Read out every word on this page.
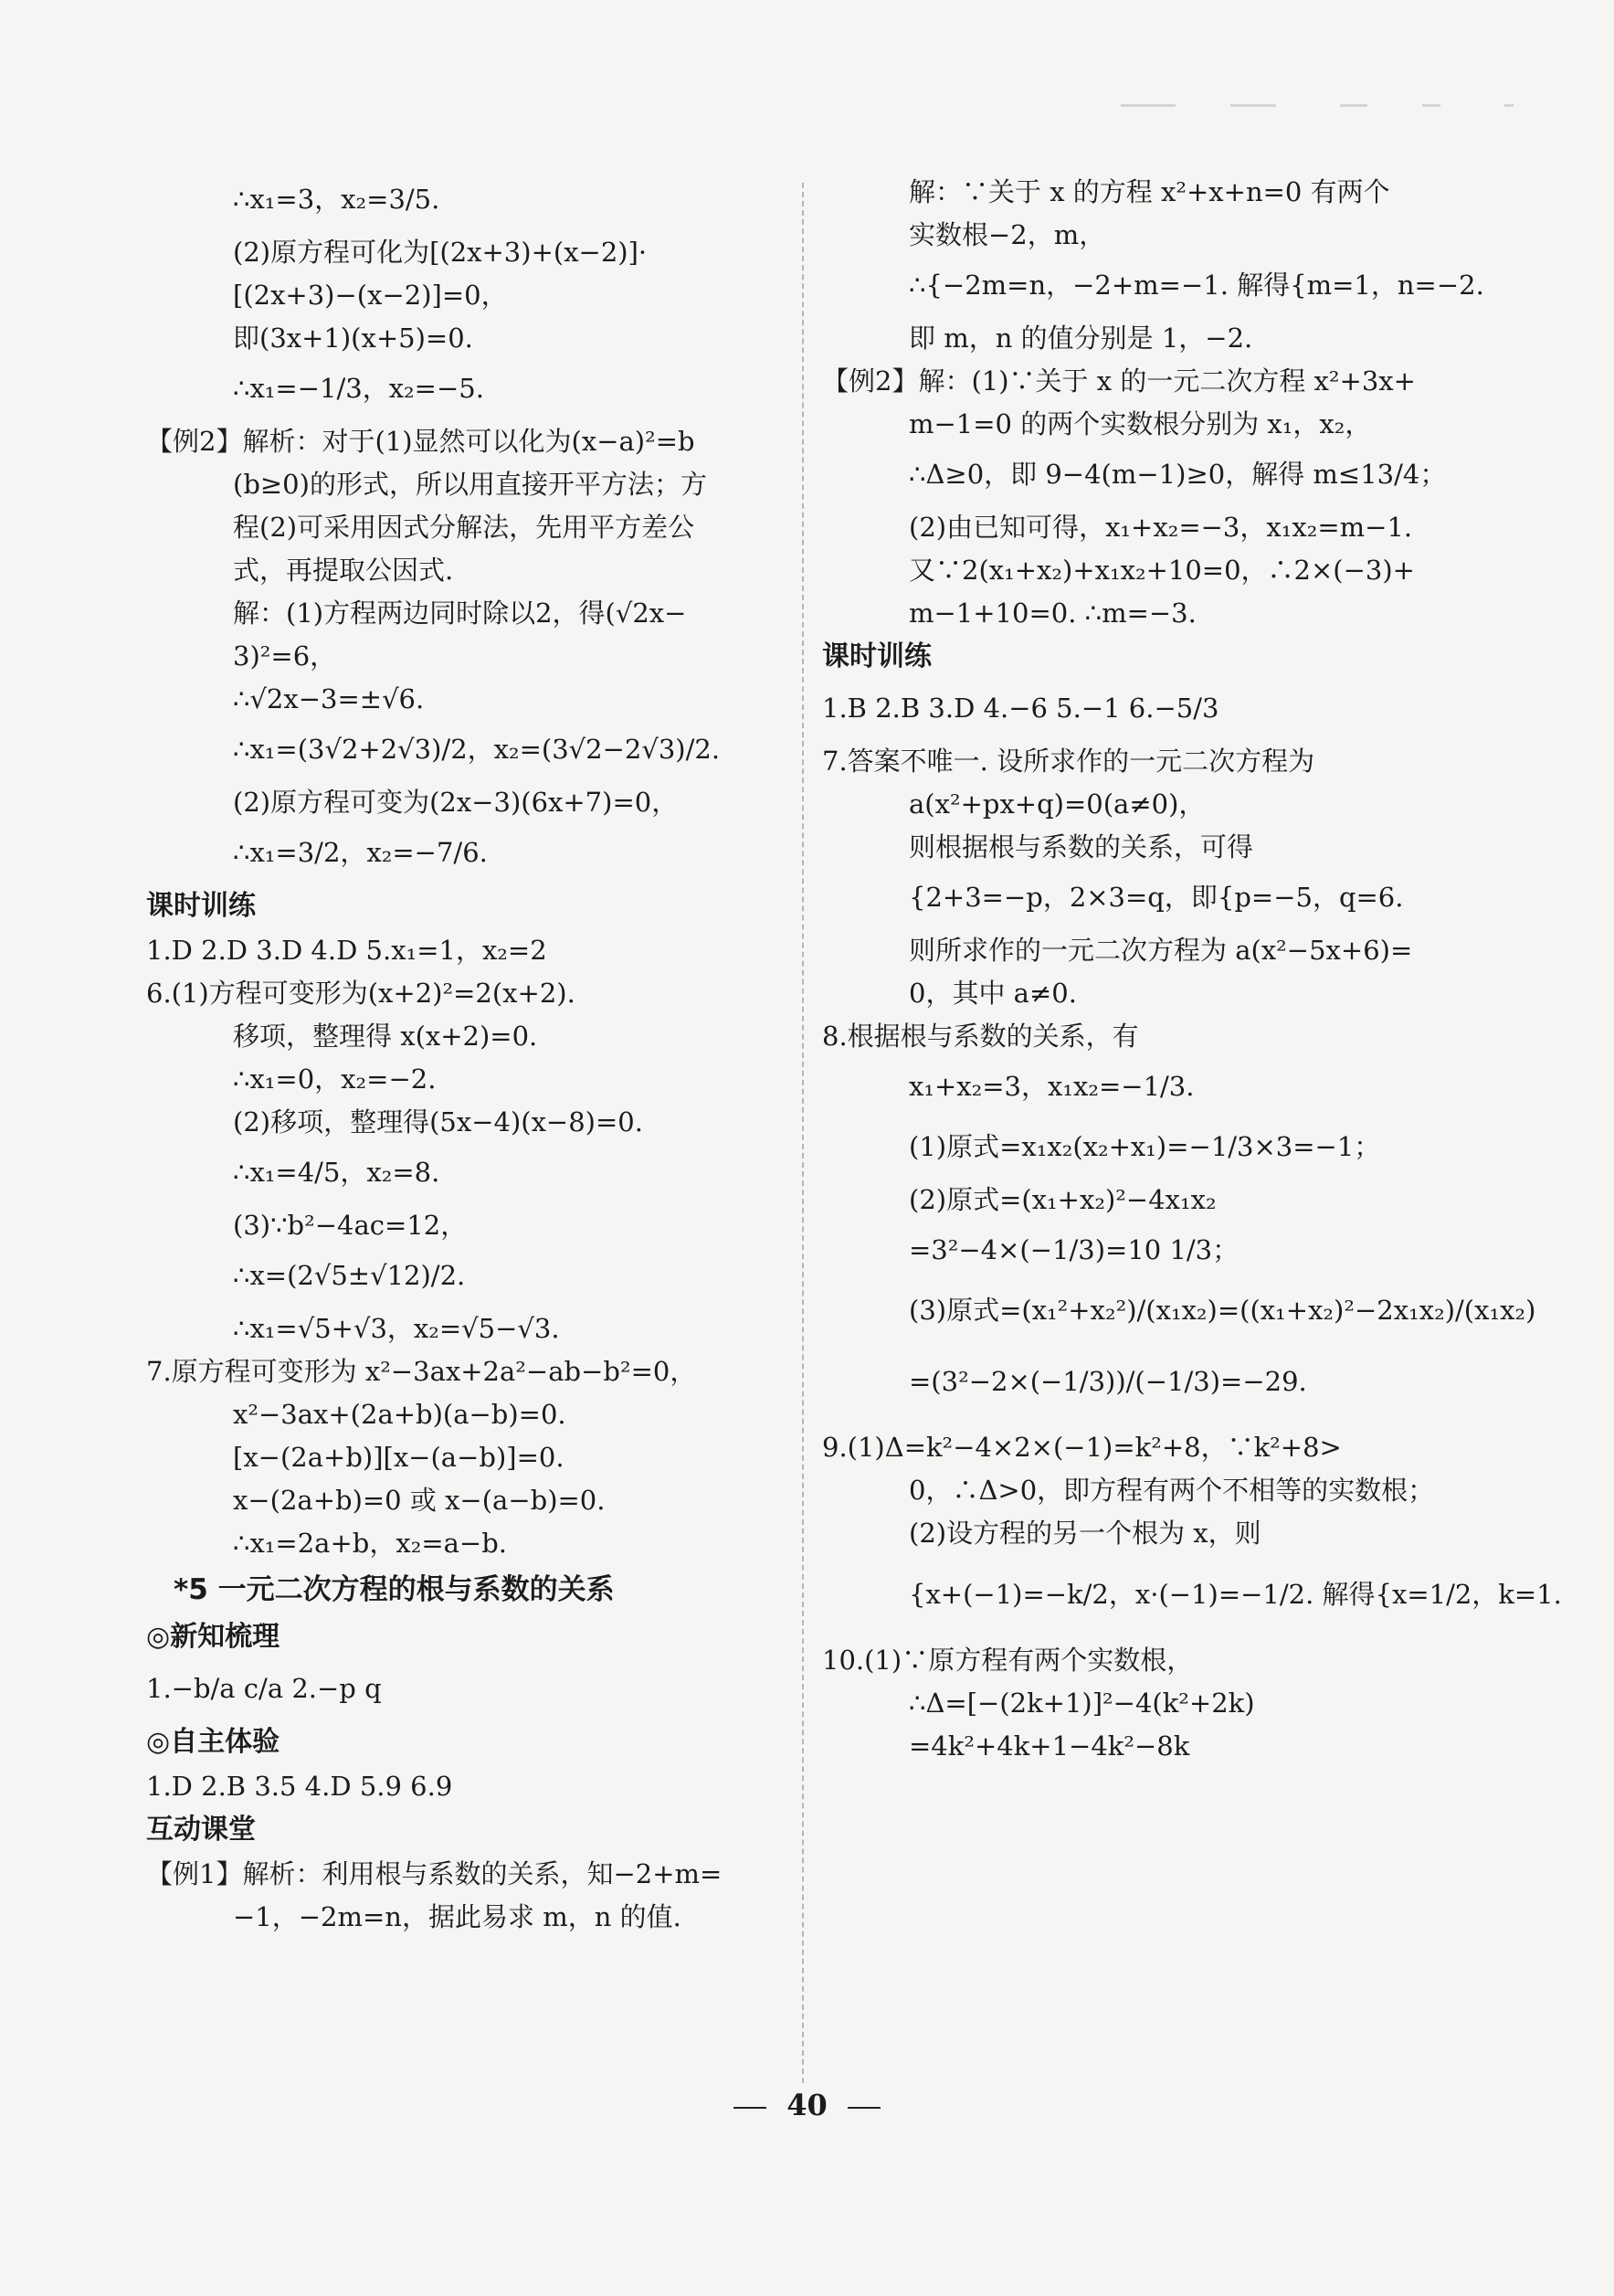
∴x₁=3，x₂=3/5.
(2)原方程可化为[(2x+3)+(x−2)]·
[(2x+3)−(x−2)]=0，
即(3x+1)(x+5)=0.
∴x₁=−1/3，x₂=−5.
【例2】解析：对于(1)显然可以化为(x−a)²=b
(b≥0)的形式，所以用直接开平方法；方
程(2)可采用因式分解法，先用平方差公
式，再提取公因式.
解：(1)方程两边同时除以2，得(√2x−
3)²=6，
∴√2x−3=±√6.
∴x₁=(3√2+2√3)/2，x₂=(3√2−2√3)/2.
(2)原方程可变为(2x−3)(6x+7)=0，
∴x₁=3/2，x₂=−7/6.
课时训练
1.D 2.D 3.D 4.D 5.x₁=1，x₂=2
6.(1)方程可变形为(x+2)²=2(x+2).
移项，整理得 x(x+2)=0.
∴x₁=0，x₂=−2.
(2)移项，整理得(5x−4)(x−8)=0.
∴x₁=4/5，x₂=8.
(3)∵b²−4ac=12，
∴x=(2√5±√12)/2.
∴x₁=√5+√3，x₂=√5−√3.
7.原方程可变形为 x²−3ax+2a²−ab−b²=0，
x²−3ax+(2a+b)(a−b)=0.
[x−(2a+b)][x−(a−b)]=0.
x−(2a+b)=0 或 x−(a−b)=0.
∴x₁=2a+b，x₂=a−b.
*5 一元二次方程的根与系数的关系
◎新知梳理
1.−b/a c/a 2.−p q
◎自主体验
1.D 2.B 3.5 4.D 5.9 6.9
互动课堂
【例1】解析：利用根与系数的关系，知−2+m=
−1，−2m=n，据此易求 m，n 的值.
解：∵关于 x 的方程 x²+x+n=0 有两个
实数根−2，m，
∴{−2m=n，−2+m=−1. 解得{m=1，n=−2.
即 m，n 的值分别是 1，−2.
【例2】解：(1)∵关于 x 的一元二次方程 x²+3x+
m−1=0 的两个实数根分别为 x₁，x₂，
∴Δ≥0，即 9−4(m−1)≥0，解得 m≤13/4；
(2)由已知可得，x₁+x₂=−3，x₁x₂=m−1.
又∵2(x₁+x₂)+x₁x₂+10=0，∴2×(−3)+
m−1+10=0. ∴m=−3.
课时训练
1.B 2.B 3.D 4.−6 5.−1 6.−5/3
7.答案不唯一. 设所求作的一元二次方程为
a(x²+px+q)=0(a≠0)，
则根据根与系数的关系，可得
{2+3=−p，2×3=q，即{p=−5，q=6.
则所求作的一元二次方程为 a(x²−5x+6)=
0，其中 a≠0.
8.根据根与系数的关系，有
x₁+x₂=3，x₁x₂=−1/3.
(1)原式=x₁x₂(x₂+x₁)=−1/3×3=−1；
(2)原式=(x₁+x₂)²−4x₁x₂
=3²−4×(−1/3)=10 1/3；
(3)原式=(x₁²+x₂²)/(x₁x₂)=((x₁+x₂)²−2x₁x₂)/(x₁x₂)
=(3²−2×(−1/3))/(−1/3)=−29.
9.(1)Δ=k²−4×2×(−1)=k²+8，∵k²+8>
0，∴Δ>0，即方程有两个不相等的实数根；
(2)设方程的另一个根为 x，则
{x+(−1)=−k/2，x·(−1)=−1/2. 解得{x=1/2，k=1.
10.(1)∵原方程有两个实数根，
∴Δ=[−(2k+1)]²−4(k²+2k)
=4k²+4k+1−4k²−8k
40
